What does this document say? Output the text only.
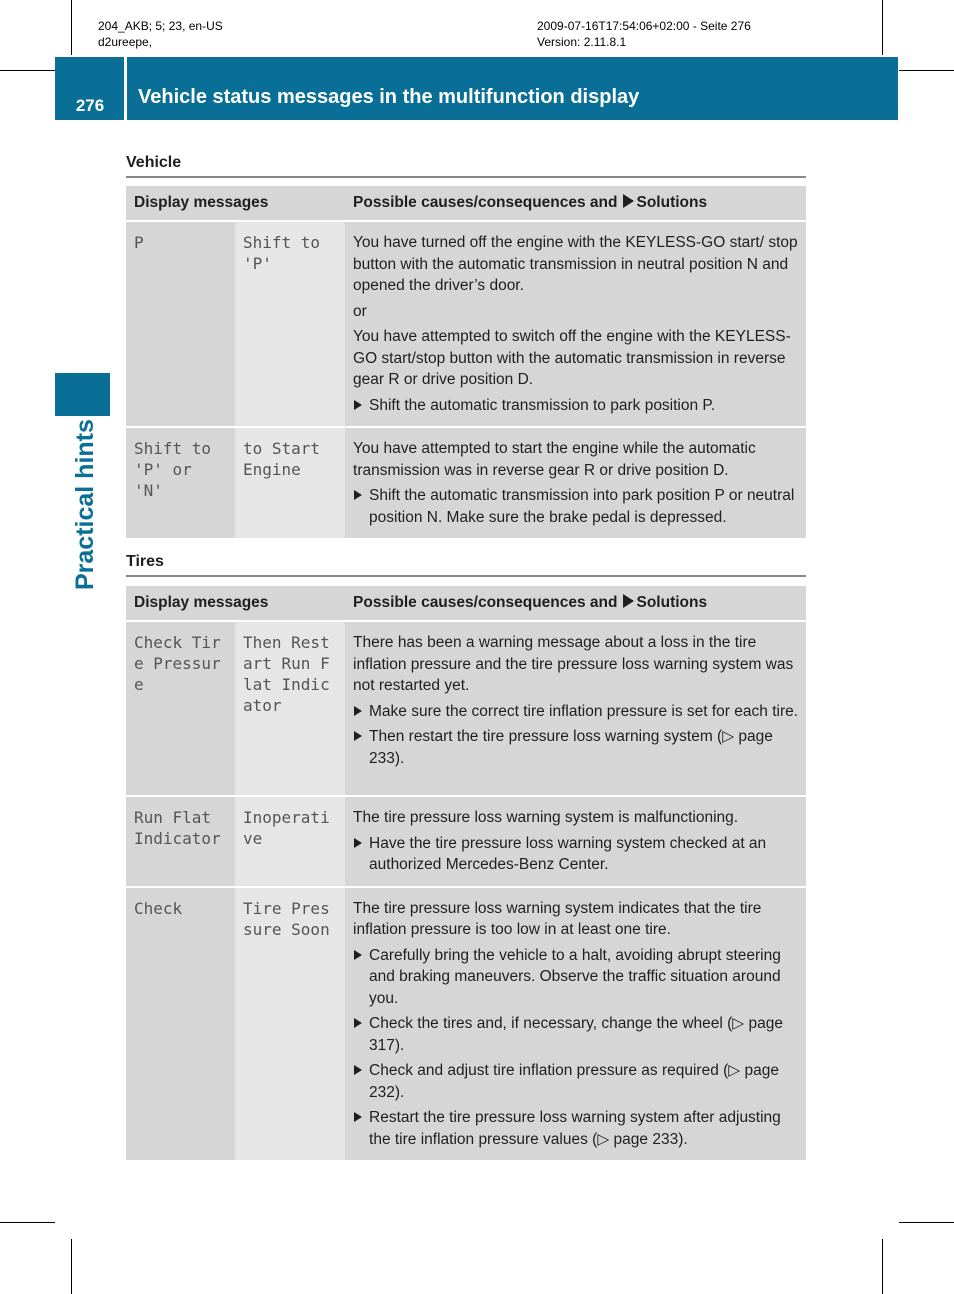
204_AKB; 5; 23, en-US
d2ureepe,
2009-07-16T17:54:06+02:00 - Seite 276
Version: 2.11.8.1
276	Vehicle status messages in the multifunction display
Practical hints
Vehicle
Display messages		Possible causes/consequences and Solutions
P	Shift to 'P'	You have turned off the engine with the KEYLESS-GO start/ stop button with the automatic transmission in neutral position N and opened the driver’s door.

or

You have attempted to switch off the engine with the KEYLESS-GO start/stop button with the automatic transmission in reverse gear R or drive position D.

Shift the automatic transmission to park position P.

Shift to 'P' or 'N'	to Start Engine	You have attempted to start the engine while the automatic transmission was in reverse gear R or drive position D.

Shift the automatic transmission into park position P or neutral position N. Make sure the brake pedal is depressed.
Tires
Display messages		Possible causes/consequences and Solutions
Check Tire Pressure	Then Restart Run Flat Indicator	There has been a warning message about a loss in the tire inflation pressure and the tire pressure loss warning system was not restarted yet.

Make sure the correct tire inflation pressure is set for each tire.
Then restart the tire pressure loss warning system (▷ page 233).

Run Flat Indicator	Inoperative	The tire pressure loss warning system is malfunctioning.

Have the tire pressure loss warning system checked at an authorized Mercedes-Benz Center.

Check	Tire Pressure Soon	The tire pressure loss warning system indicates that the tire inflation pressure is too low in at least one tire.

Carefully bring the vehicle to a halt, avoiding abrupt steering and braking maneuvers. Observe the traffic situation around you.
Check the tires and, if necessary, change the wheel (▷ page 317).
Check and adjust tire inflation pressure as required (▷ page 232).
Restart the tire pressure loss warning system after adjusting the tire inflation pressure values (▷ page 233).
